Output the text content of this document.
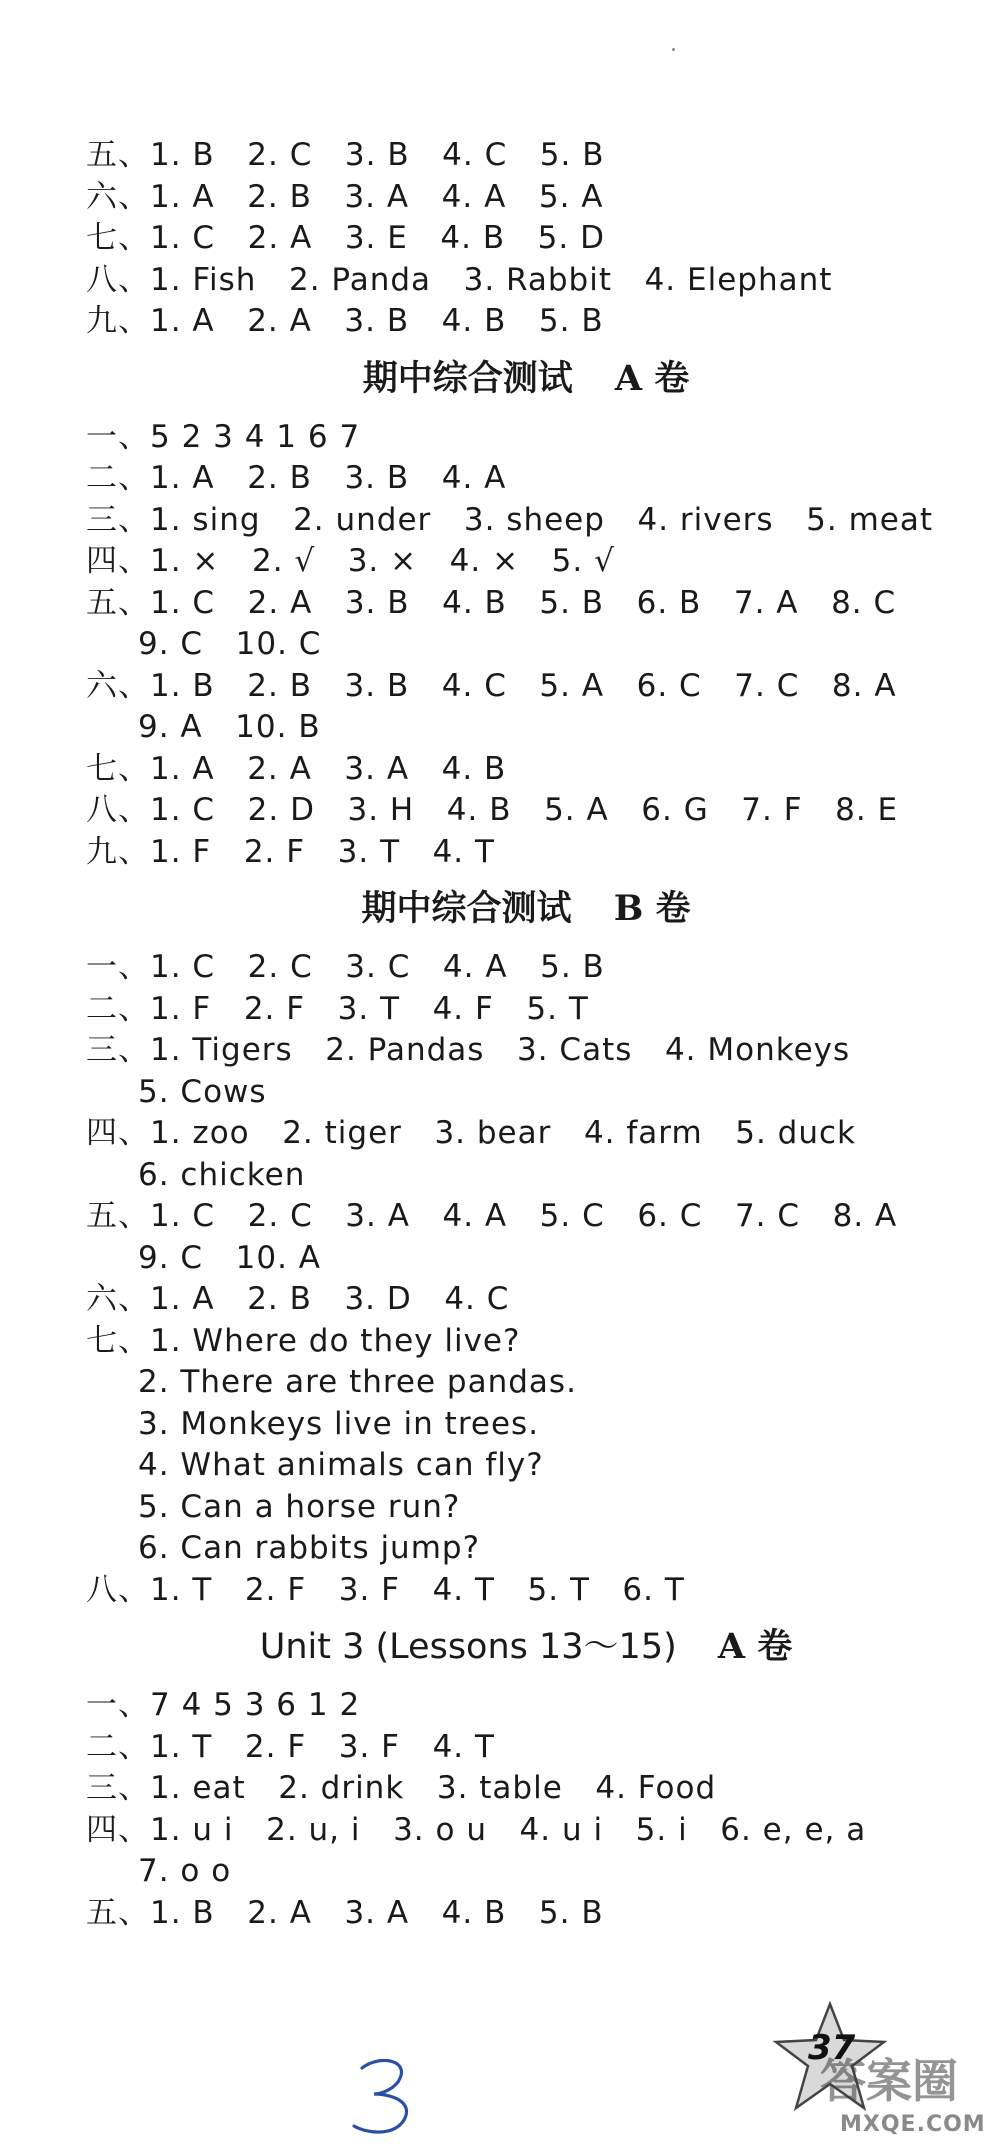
五、1. B   2. C   3. B   4. C   5. B
六、1. A   2. B   3. A   4. A   5. A
七、1. C   2. A   3. E   4. B   5. D
八、1. Fish   2. Panda   3. Rabbit   4. Elephant
九、1. A   2. A   3. B   4. B   5. B
期中综合测试 A 卷
一、5 2 3 4 1 6 7
二、1. A   2. B   3. B   4. A
三、1. sing   2. under   3. sheep   4. rivers   5. meat
四、1. ×   2. √   3. ×   4. ×   5. √
五、1. C   2. A   3. B   4. B   5. B   6. B   7. A   8. C
9. C   10. C
六、1. B   2. B   3. B   4. C   5. A   6. C   7. C   8. A
9. A   10. B
七、1. A   2. A   3. A   4. B
八、1. C   2. D   3. H   4. B   5. A   6. G   7. F   8. E
九、1. F   2. F   3. T   4. T
期中综合测试 B 卷
一、1. C   2. C   3. C   4. A   5. B
二、1. F   2. F   3. T   4. F   5. T
三、1. Tigers   2. Pandas   3. Cats   4. Monkeys
5. Cows
四、1. zoo   2. tiger   3. bear   4. farm   5. duck
6. chicken
五、1. C   2. C   3. A   4. A   5. C   6. C   7. C   8. A
9. C   10. A
六、1. A   2. B   3. D   4. C
七、1. Where do they live?
2. There are three pandas.
3. Monkeys live in trees.
4. What animals can fly?
5. Can a horse run?
6. Can rabbits jump?
八、1. T   2. F   3. F   4. T   5. T   6. T
Unit 3 (Lessons 13～15) A 卷
一、7 4 5 3 6 1 2
二、1. T   2. F   3. F   4. T
三、1. eat   2. drink   3. table   4. Food
四、1. u i   2. u, i   3. o u   4. u i   5. i   6. e, e, a
7. o o
五、1. B   2. A   3. A   4. B   5. B
37
答案圈
MXQE.COM
